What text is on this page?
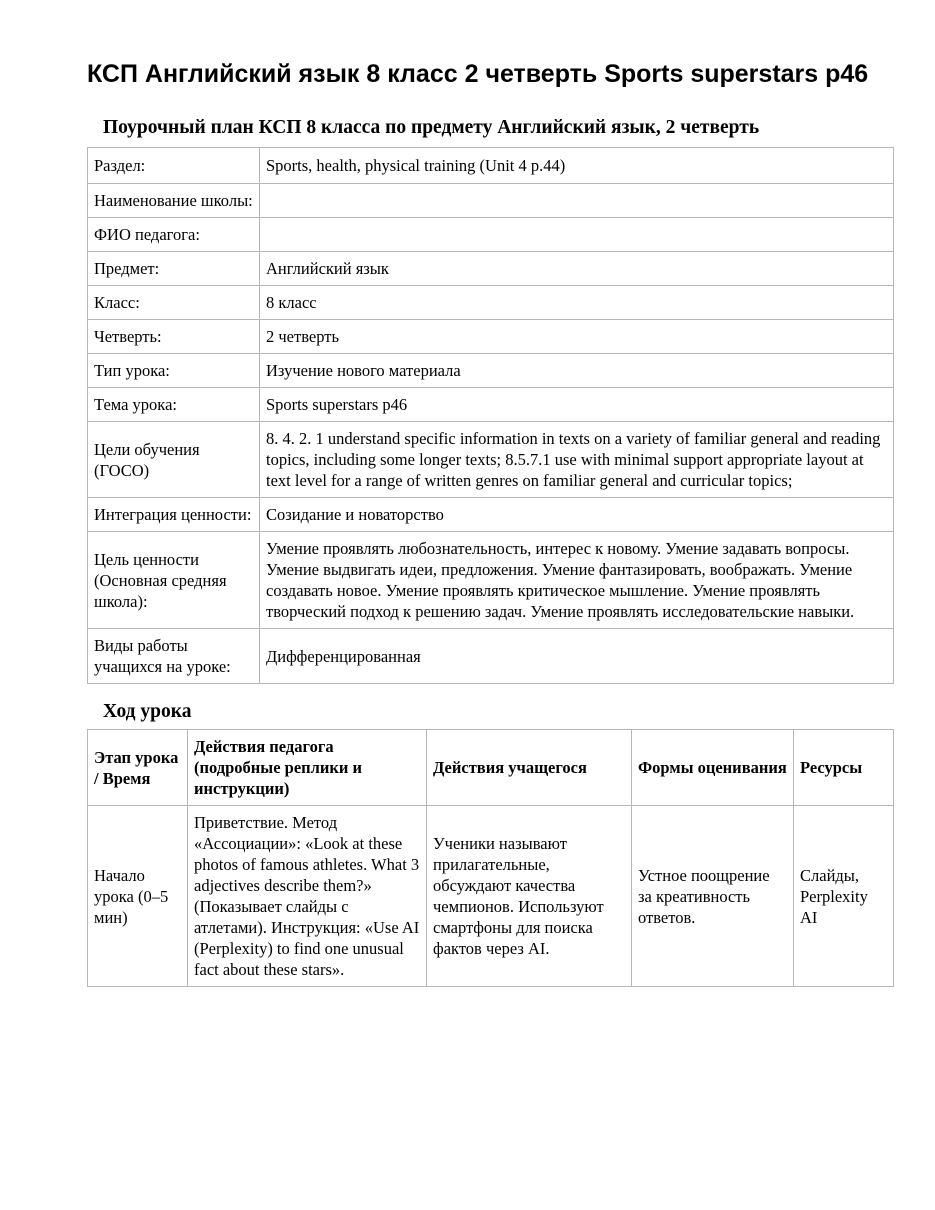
КСП Английский язык 8 класс 2 четверть Sports superstars p46
Поурочный план КСП 8 класса по предмету Английский язык, 2 четверть
Раздел:	Sports, health, physical training (Unit 4 p.44)
Наименование школы:	
ФИО педагога:	
Предмет:	Английский язык
Класс:	8 класс
Четверть:	2 четверть
Тип урока:	Изучение нового материала
Тема урока:	Sports superstars p46
Цели обучения (ГОСО)	8. 4. 2. 1 understand specific information in texts on a variety of familiar general and reading topics, including some longer texts; 8.5.7.1 use with minimal support appropriate layout at text level for a range of written genres on familiar general and curricular topics;
Интеграция ценности:	Созидание и новаторство
Цель ценности (Основная средняя школа):	Умение проявлять любознательность, интерес к новому. Умение задавать вопросы. Умение выдвигать идеи, предложения. Умение фантазировать, воображать. Умение создавать новое. Умение проявлять критическое мышление. Умение проявлять творческий подход к решению задач. Умение проявлять исследовательские навыки.
Виды работы учащихся на уроке:	Дифференцированная
Ход урока
Этап урока / Время	Действия педагога (подробные реплики и инструкции)	Действия учащегося	Формы оценивания	Ресурсы
Начало урока (0–5 мин)	Приветствие. Метод «Ассоциации»: «Look at these photos of famous athletes. What 3 adjectives describe them?» (Показывает слайды с атлетами). Инструкция: «Use AI (Perplexity) to find one unusual fact about these stars».	Ученики называют прилагательные, обсуждают качества чемпионов. Используют смартфоны для поиска фактов через AI.	Устное поощрение за креативность ответов.	Слайды, Perplexity AI
